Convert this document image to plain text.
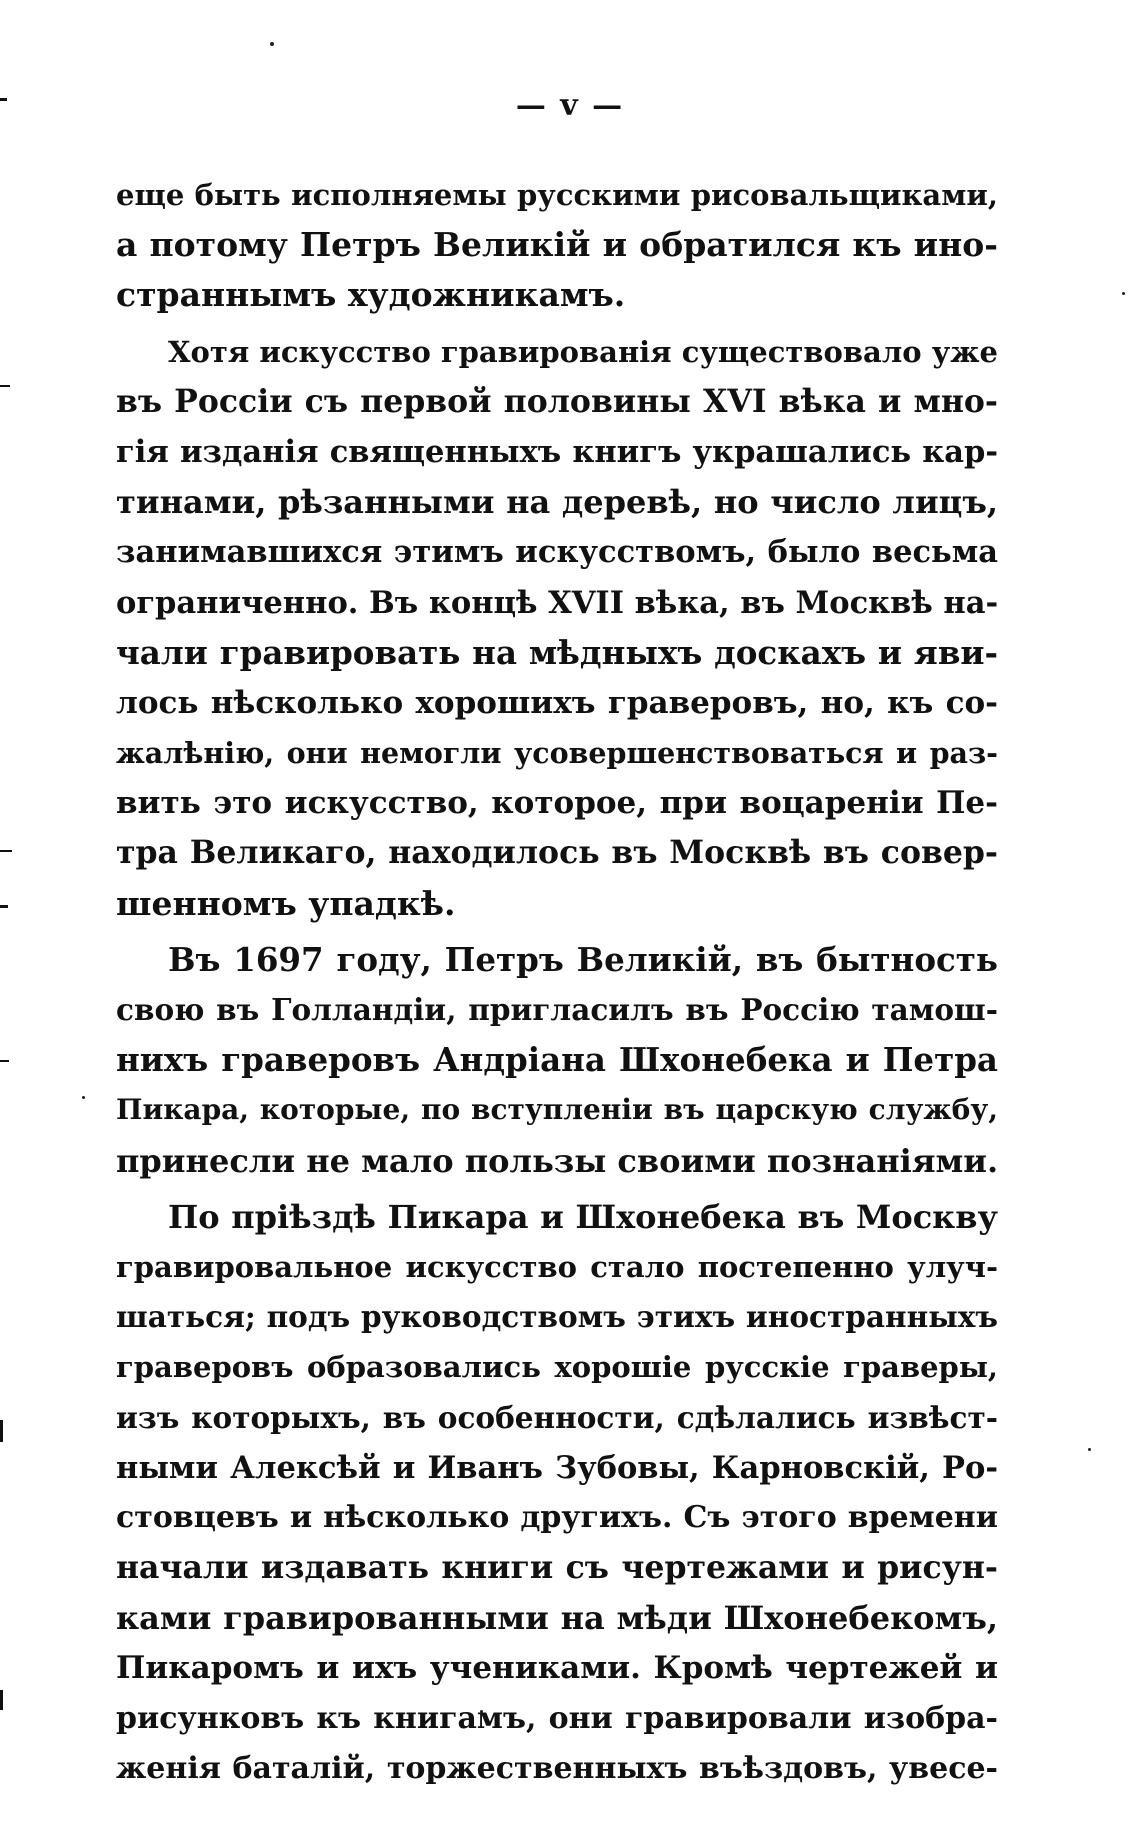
— v —
еще быть исполняемы русскими рисовальщиками,
а потому Петръ Великій и обратился къ ино-
страннымъ художникамъ.
Хотя искусство гравированія существовало уже
въ Россіи съ первой половины XVI вѣка и мно-
гія изданія священныхъ книгъ украшались кар-
тинами, рѣзанными на деревѣ, но число лицъ,
занимавшихся этимъ искусствомъ, было весьма
ограниченно. Въ концѣ XVII вѣка, въ Москвѣ на-
чали гравировать на мѣдныхъ доскахъ и яви-
лось нѣсколько хорошихъ граверовъ, но, къ со-
жалѣнію, они немогли усовершенствоваться и раз-
вить это искусство, которое, при воцареніи Пе-
тра Великаго, находилось въ Москвѣ въ совер-
шенномъ упадкѣ.
Въ 1697 году, Петръ Великій, въ бытность
свою въ Голландіи, пригласилъ въ Россію тамош-
нихъ граверовъ Андріана Шхонебека и Петра
Пикара, которые, по вступленіи въ царскую службу,
принесли не мало пользы своими познаніями.
По пріѣздѣ Пикара и Шхонебека въ Москву
гравировальное искусство стало постепенно улуч-
шаться; подъ руководствомъ этихъ иностранныхъ
граверовъ образовались хорошіе русскіе граверы,
изъ которыхъ, въ особенности, сдѣлались извѣст-
ными Алексѣй и Иванъ Зубовы, Карновскій, Ро-
стовцевъ и нѣсколько другихъ. Съ этого времени
начали издавать книги съ чертежами и рисун-
ками гравированными на мѣди Шхонебекомъ,
Пикаромъ и ихъ учениками. Кромѣ чертежей и
рисунковъ къ книгамъ, они гравировали изобра-
женія баталій, торжественныхъ въѣздовъ, увесе-
